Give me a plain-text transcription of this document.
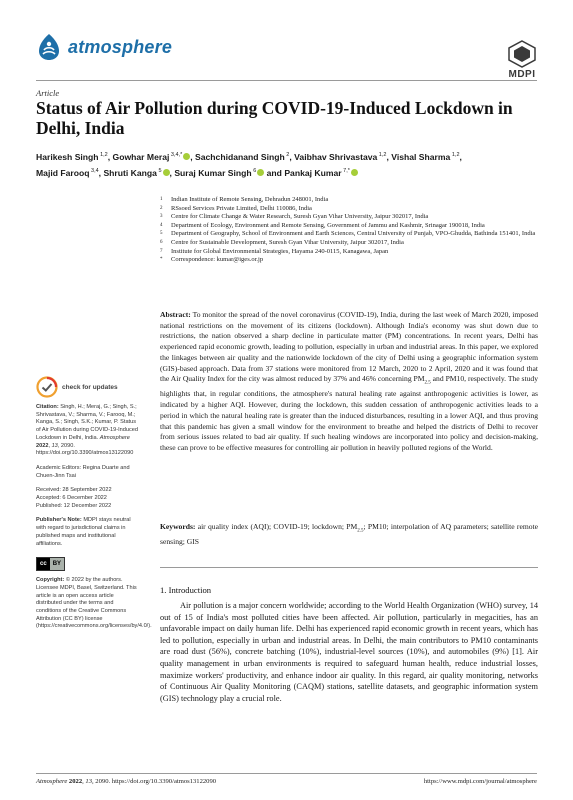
atmosphere
MDPI
Article
Status of Air Pollution during COVID-19-Induced Lockdown in Delhi, India
Harikesh Singh $^{1,2}$, Gowhar Meraj $^{3,4,*}$ , Sachchidanand Singh $^2$, Vaibhav Shrivastava $^{1,2}$, Vishal Sharma $^{1,2}$,
Majid Farooq $^{3,4}$, Shruti Kanga $^5$ , Suraj Kumar Singh $^6$ and Pankaj Kumar $^{7,*}$
1	Indian Institute of Remote Sensing, Dehradun 248001, India
2	RSsoed Services Private Limited, Delhi 110086, India
3	Centre for Climate Change & Water Research, Suresh Gyan Vihar University, Jaipur 302017, India
4	Department of Ecology, Environment and Remote Sensing, Government of Jammu and Kashmir, Srinagar 190018, India
5	Department of Geography, School of Environment and Earth Sciences, Central University of Punjab, VPO-Ghudda, Bathinda 151401, India
6	Centre for Sustainable Development, Suresh Gyan Vihar University, Jaipur 302017, India
7	Institute for Global Environmental Strategies, Hayama 240-0115, Kanagawa, Japan
*	Correspondence: kumar@iges.or.jp
Abstract: To monitor the spread of the novel coronavirus (COVID-19), India, during the last week of March 2020, imposed national restrictions on the movement of its citizens (lockdown). Although India's economy was shut down due to restrictions, the nation observed a sharp decline in particulate matter (PM) concentrations. In recent years, Delhi has experienced rapid economic growth, leading to pollution, especially in urban and industrial areas. In this paper, we explored the linkages between air quality and the nationwide lockdown of the city of Delhi using a geographic information system (GIS)-based approach. Data from 37 stations were monitored from 12 March, 2020 to 2 April, 2020 and it was found that the Air Quality Index for the city was almost reduced by 37% and 46% concerning $PM_{2.5}$ and PM10, respectively. The study highlights that, in regular conditions, the atmosphere's natural healing rate against anthropogenic activities is lower, as indicated by a higher AQI. However, during the lockdown, this sudden cessation of anthropogenic activities leads to a period in which the natural healing rate is greater than the induced disturbances, resulting in a lower AQI, and thus proving that this pandemic has given a small window for the environment to breathe and helped the districts of Delhi to recover from serious issues related to bad air quality. If such healing windows are incorporated into policy and decision-making, these can prove to be effective measures for controlling air pollution in heavily polluted regions of the World.
Keywords: air quality index (AQI); COVID-19; lockdown; $PM_{2.5}$; PM10; interpolation of AQ parameters; satellite remote sensing; GIS
check for updates
Citation: Singh, H.; Meraj, G.; Singh, S.; Shrivastava, V.; Sharma, V.; Farooq, M.; Kanga, S.; Singh, S.K.; Kumar, P. Status of Air Pollution during COVID-19-Induced Lockdown in Delhi, India. Atmosphere 2022, 13, 2090. https://doi.org/10.3390/atmos13122090
Academic Editors: Regina Duarte and Chuen-Jinn Tsai
Received: 28 September 2022
Accepted: 6 December 2022
Published: 12 December 2022
Publisher's Note: MDPI stays neutral with regard to jurisdictional claims in published maps and institutional affiliations.
cc	BY
Copyright: © 2022 by the authors. Licensee MDPI, Basel, Switzerland. This article is an open access article distributed under the terms and conditions of the Creative Commons Attribution (CC BY) license (https://creativecommons.org/licenses/by/4.0/).
1. Introduction
Air pollution is a major concern worldwide; according to the World Health Organization (WHO) survey, 14 out of 15 of India's most polluted cities have been affected. Air pollution, particularly in megacities, has an unfavorable impact on daily human life. Delhi has experienced rapid economic growth in recent years, which has led to pollution, especially in urban and industrial areas. In Delhi, the main contributors to PM10 contaminants are road dust (56%), concrete batching (10%), industrial-level sources (10%), and automobiles (9%) [1]. Air quality management in urban environments is required to safeguard human health, reduce industrial losses, maximize workers' productivity, and enhance indoor air quality. In this regard, air quality monitoring, networks of Continuous Air Quality Monitoring (CAQM) stations, satellite datasets, and geographic information system (GIS) technology play a crucial role.
Atmosphere 2022, 13, 2090. https://doi.org/10.3390/atmos13122090	https://www.mdpi.com/journal/atmosphere
